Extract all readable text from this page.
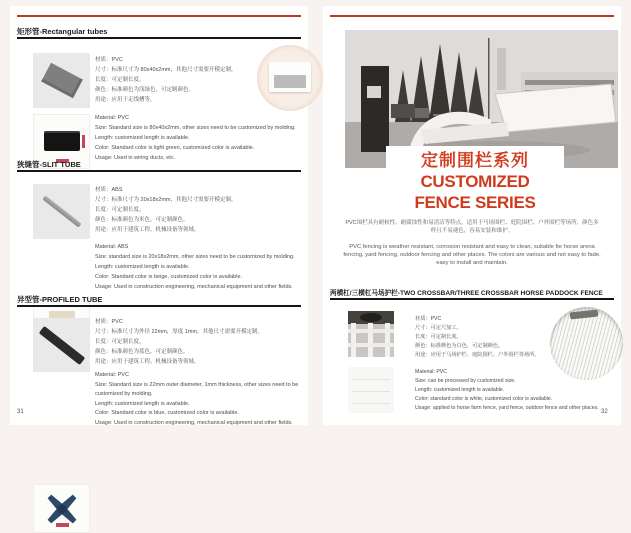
矩形管-Rectangular tubes
材质：PVC
尺寸：标准尺寸为 80x40x2mm，其他尺寸需要开模定制。
长度：可定制长度。
颜色：标准颜色为浅绿色，可定制颜色。
用途：应用于走线槽等。
Material: PVC
Size: Standard size is 80x40x2mm, other sizes need to be customized by molding.
Length: customized length is available.
Color: Standard color is light green, customized color is available.
Usage: Used in wiring ducts, etc.
狭缝管-SLIT TUBE
材质：ABS
尺寸：标准尺寸为 20x18x2mm，其他尺寸需要开模定制。
长度：可定制长度。
颜色：标准颜色为米色，可定制颜色。
用途：应用于建筑工程、机械设备等领域。
Material: ABS
Size: standard size is 20x18x2mm, other sizes need to be customized by molding.
Length: customized length is available.
Color: Standard color is beige, customized color is available.
Usage: Used in construction engineering, mechanical equipment and other fields.
异型管-PROFILED TUBE
材质：PVC
尺寸：标准尺寸为外径 22mm，厚度 1mm，其他尺寸需要开模定制。
长度：可定制长度。
颜色：标准颜色为蓝色，可定制颜色。
用途：应用于建筑工程、机械设备等领域。
Material: PVC
Size: Standard size is 22mm outer diameter, 1mm thickness, other sizes need to be customized by molding.
Length: customized length is available.
Color: Standard color is blue, customized color is available.
Usage: Used in construction engineering, mechanical equipment and other fields.
31
定制围栏系列
CUSTOMIZED
FENCE SERIES
PVC围栏具有耐候性、耐腐蚀性和易清洁等特点，适用于马场围栏、庭院围栏、户外围栏等场所，颜色多样且不易褪色，容易安装和维护。
PVC fencing is weather resistant, corrosion resistant and easy to clean, suitable for horse arena fencing, yard fencing, outdoor fencing and other places. The colors are various and not easy to fade, easy to install and maintain.
两横杠/三横杠马场护栏-TWO CROSSBAR/THREE CROSSBAR HORSE PADDOCK FENCE
材质：PVC
尺寸：可定尺加工。
长度：可定制长度。
颜色：标准颜色为白色，可定制颜色。
用途：应用于马场护栏、庭院围栏、户外围栏等场所。
Material: PVC
Size: can be processed by customized size.
Length: customized length is available.
Color: standard color is white, customized color is available.
Usage: applied to horse farm fence, yard fence, outdoor fence and other places.
32
